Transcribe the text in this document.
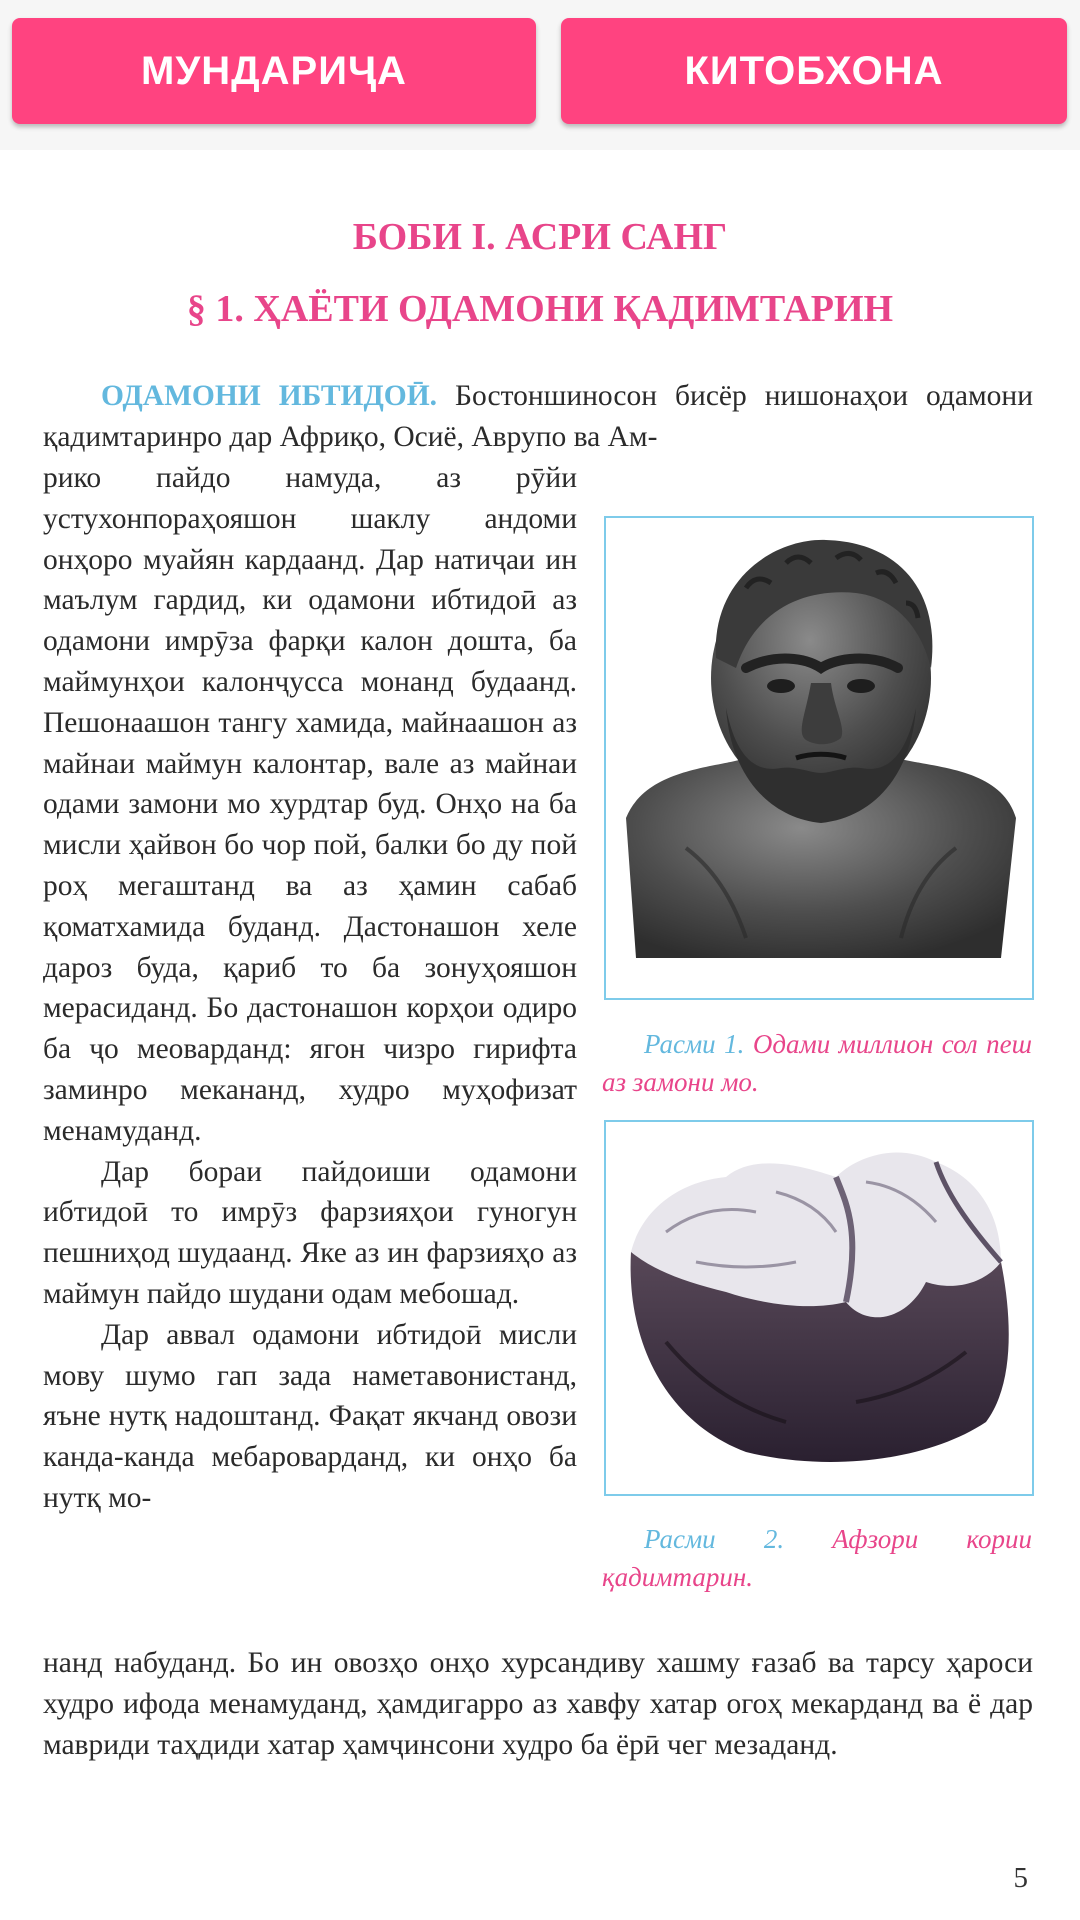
МУНДАРИҶА	КИТОБХОНА
БОБИ I. АСРИ САНГ
§ 1. ҲАЁТИ ОДАМОНИ ҚАДИМТАРИН

ОДАМОНИ ИБТИДОӢ. Бостоншиносон бисёр нишонаҳои одамони қадимтаринро дар Африқо, Осиё, Аврупо ва Ам-

рико пайдо намуда, аз рӯйи устухонпораҳояшон шаклу андоми онҳоро муайян кардаанд. Дар натиҷаи ин маълум гардид, ки одамони ибтидоӣ аз одамони имрӯза фарқи калон дошта, ба маймунҳои калонҷусса монанд будаанд. Пешонаашон тангу хамида, майнаашон аз майнаи маймун калонтар, вале аз майнаи одами замони мо хурдтар буд. Онҳо на ба мисли ҳайвон бо чор пой, балки бо ду пой роҳ мегаштанд ва аз ҳамин сабаб қоматхамида буданд. Дастонашон хеле дароз буда, қариб то ба зонуҳояшон мерасиданд. Бо дастонашон корҳои одиро ба ҷо меоварданд: ягон чизро гирифта заминро мекананд, худро муҳофизат менамуданд.

Дар бораи пайдоиши одамони ибтидоӣ то имрӯз фарзияҳои гуногун пешниҳод шудаанд. Яке аз ин фарзияҳо аз маймун пайдо шудани одам мебошад.

Дар аввал одамони ибтидоӣ мисли мову шумо гап зада наметавонистанд, яъне нутқ надоштанд. Фақат якчанд овози канда-канда мебароварданд, ки онҳо ба нутқ мо-

нанд набуданд. Бо ин овозҳо онҳо хурсандиву хашму ғазаб ва тарсу ҳароси худро ифода менамуданд, ҳамдигарро аз хавфу хатар огоҳ мекарданд ва ё дар мавриди таҳдиди хатар ҳамҷинсони худро ба ёрӣ чег мезаданд.

Расми 1. Одами миллион сол пеш аз замони мо.
Расми 2. Афзори кории қадимтарин.
5
